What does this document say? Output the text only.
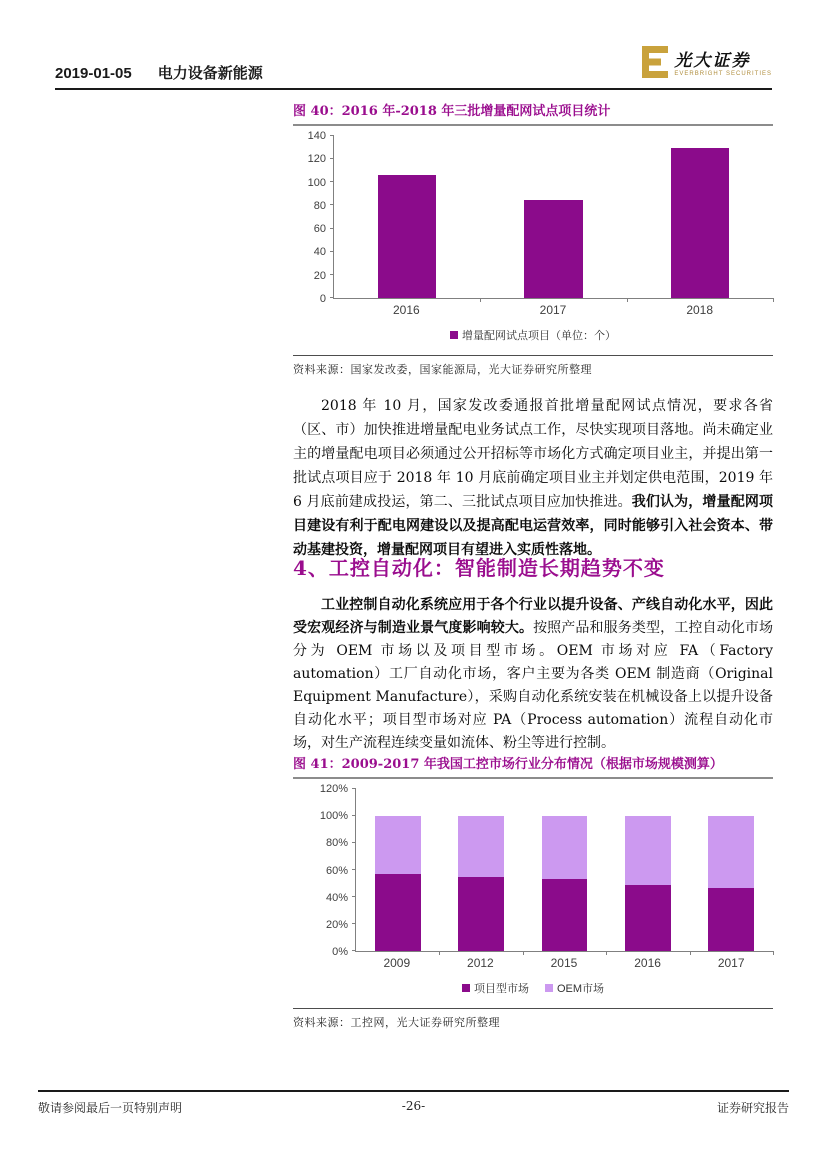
2019-01-05 电力设备新能源
光大证券
EVERBRIGHT SECURITIES
图 40：2016 年-2018 年三批增量配网试点项目统计
0
20
40
60
80
100
120
140
2016	2017	2018
增量配网试点项目（单位：个）
资料来源：国家发改委，国家能源局，光大证券研究所整理

2018 年 10 月，国家发改委通报首批增量配网试点情况，要求各省（区、市）加快推进增量配电业务试点工作，尽快实现项目落地。尚未确定业主的增量配电项目必须通过公开招标等市场化方式确定项目业主，并提出第一批试点项目应于 2018 年 10 月底前确定项目业主并划定供电范围，2019 年 6 月底前建成投运，第二、三批试点项目应加快推进。我们认为，增量配网项目建设有利于配电网建设以及提高配电运营效率，同时能够引入社会资本、带动基建投资，增量配网项目有望进入实质性落地。

4、工控自动化：智能制造长期趋势不变

工业控制自动化系统应用于各个行业以提升设备、产线自动化水平，因此受宏观经济与制造业景气度影响较大。按照产品和服务类型，工控自动化市场分为 OEM 市场以及项目型市场。OEM 市场对应 FA（Factory automation）工厂自动化市场，客户主要为各类 OEM 制造商（Original Equipment Manufacture），采购自动化系统安装在机械设备上以提升设备自动化水平；项目型市场对应 PA（Process automation）流程自动化市场，对生产流程连续变量如流体、粉尘等进行控制。

图 41：2009-2017 年我国工控市场行业分布情况（根据市场规模测算）
0%
20%
40%
60%
80%
100%
120%
2009	2012	2015	2016	2017
项目型市场	OEM市场
资料来源：工控网，光大证券研究所整理
敬请参阅最后一页特别声明	-26-	证券研究报告
